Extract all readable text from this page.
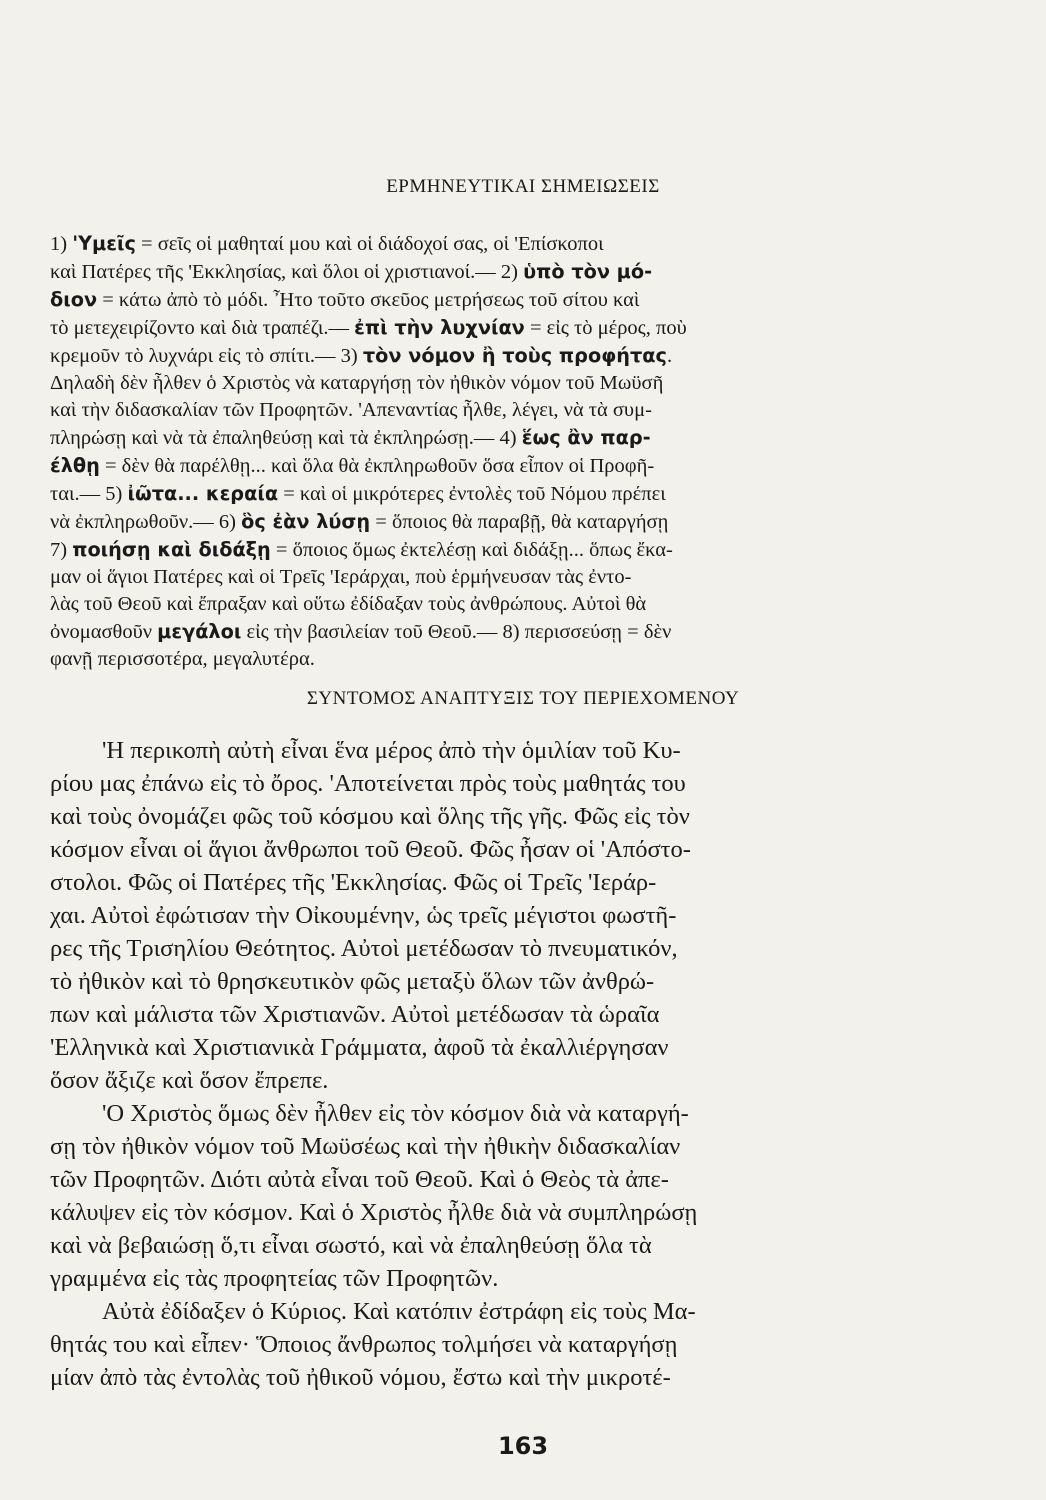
ΕΡΜΗΝΕΥΤΙΚΑΙ ΣΗΜΕΙΩΣΕΙΣ
1) 'Υμεῖς = σεῖς οἱ μαθηταί μου καὶ οἱ διάδοχοί σας, οἱ 'Επίσκοποι
καὶ Πατέρες τῆς 'Εκκλησίας, καὶ ὅλοι οἱ χριστιανοί.— 2) ὑπὸ τὸν μό-
διον = κάτω ἀπὸ τὸ μόδι. Ἦτο τοῦτο σκεῦος μετρήσεως τοῦ σίτου καὶ
τὸ μετεχειρίζοντο καὶ διὰ τραπέζι.— ἐπὶ τὴν λυχνίαν = εἰς τὸ μέρος, ποὺ
κρεμοῦν τὸ λυχνάρι εἰς τὸ σπίτι.— 3) τὸν νόμον ἢ τοὺς προφήτας.
Δηλαδὴ δὲν ἦλθεν ὁ Χριστὸς νὰ καταργήσῃ τὸν ἠθικὸν νόμον τοῦ Μωϋσῆ
καὶ τὴν διδασκαλίαν τῶν Προφητῶν. 'Απεναντίας ἦλθε, λέγει, νὰ τὰ συμ-
πληρώσῃ καὶ νὰ τὰ ἐπαληθεύσῃ καὶ τὰ ἐκπληρώσῃ.— 4) ἕως ἂν παρ-
έλθῃ = δὲν θὰ παρέλθῃ... καὶ ὅλα θὰ ἐκπληρωθοῦν ὅσα εἶπον οἱ Προφῆ-
ται.— 5) ἰῶτα... κεραία = καὶ οἱ μικρότερες ἐντολὲς τοῦ Νόμου πρέπει
νὰ ἐκπληρωθοῦν.— 6) ὃς ἐὰν λύσῃ = ὅποιος θὰ παραβῇ, θὰ καταργήσῃ
7) ποιήσῃ καὶ διδάξῃ = ὅποιος ὅμως ἐκτελέσῃ καὶ διδάξῃ... ὅπως ἔκα-
μαν οἱ ἅγιοι Πατέρες καὶ οἱ Τρεῖς 'Ιεράρχαι, ποὺ ἑρμήνευσαν τὰς ἐντο-
λὰς τοῦ Θεοῦ καὶ ἔπραξαν καὶ οὕτω ἐδίδαξαν τοὺς ἀνθρώπους. Αὐτοὶ θὰ
ὀνομασθοῦν μεγάλοι εἰς τὴν βασιλείαν τοῦ Θεοῦ.— 8) περισσεύσῃ = δὲν
φανῇ περισσοτέρα, μεγαλυτέρα.
ΣΥΝΤΟΜΟΣ ΑΝΑΠΤΥΞΙΣ ΤΟΥ ΠΕΡΙΕΧΟΜΕΝΟΥ
'Η περικοπὴ αὐτὴ εἶναι ἕνα μέρος ἀπὸ τὴν ὁμιλίαν τοῦ Κυ-
ρίου μας ἐπάνω εἰς τὸ ὄρος. 'Αποτείνεται πρὸς τοὺς μαθητάς του
καὶ τοὺς ὀνομάζει φῶς τοῦ κόσμου καὶ ὅλης τῆς γῆς. Φῶς εἰς τὸν
κόσμον εἶναι οἱ ἅγιοι ἄνθρωποι τοῦ Θεοῦ. Φῶς ἦσαν οἱ 'Απόστο-
στολοι. Φῶς οἱ Πατέρες τῆς 'Εκκλησίας. Φῶς οἱ Τρεῖς 'Ιεράρ-
χαι. Αὐτοὶ ἐφώτισαν τὴν Οἰκουμένην, ὡς τρεῖς μέγιστοι φωστῆ-
ρες τῆς Τρισηλίου Θεότητος. Αὐτοὶ μετέδωσαν τὸ πνευματικόν,
τὸ ἠθικὸν καὶ τὸ θρησκευτικὸν φῶς μεταξὺ ὅλων τῶν ἀνθρώ-
πων καὶ μάλιστα τῶν Χριστιανῶν. Αὐτοὶ μετέδωσαν τὰ ὡραῖα
'Ελληνικὰ καὶ Χριστιανικὰ Γράμματα, ἀφοῦ τὰ ἐκαλλιέργησαν
ὅσον ἄξιζε καὶ ὅσον ἔπρεπε.
'Ο Χριστὸς ὅμως δὲν ἦλθεν εἰς τὸν κόσμον διὰ νὰ καταργή-
σῃ τὸν ἠθικὸν νόμον τοῦ Μωϋσέως καὶ τὴν ἠθικὴν διδασκαλίαν
τῶν Προφητῶν. Διότι αὐτὰ εἶναι τοῦ Θεοῦ. Καὶ ὁ Θεὸς τὰ ἀπε-
κάλυψεν εἰς τὸν κόσμον. Καὶ ὁ Χριστὸς ἦλθε διὰ νὰ συμπληρώσῃ
καὶ νὰ βεβαιώσῃ ὅ,τι εἶναι σωστό, καὶ νὰ ἐπαληθεύσῃ ὅλα τὰ
γραμμένα εἰς τὰς προφητείας τῶν Προφητῶν.
Αὐτὰ ἐδίδαξεν ὁ Κύριος. Καὶ κατόπιν ἐστράφη εἰς τοὺς Μα-
θητάς του καὶ εἶπεν· Ὅποιος ἄνθρωπος τολμήσει νὰ καταργήσῃ
μίαν ἀπὸ τὰς ἐντολὰς τοῦ ἠθικοῦ νόμου, ἔστω καὶ τὴν μικροτέ-
163
